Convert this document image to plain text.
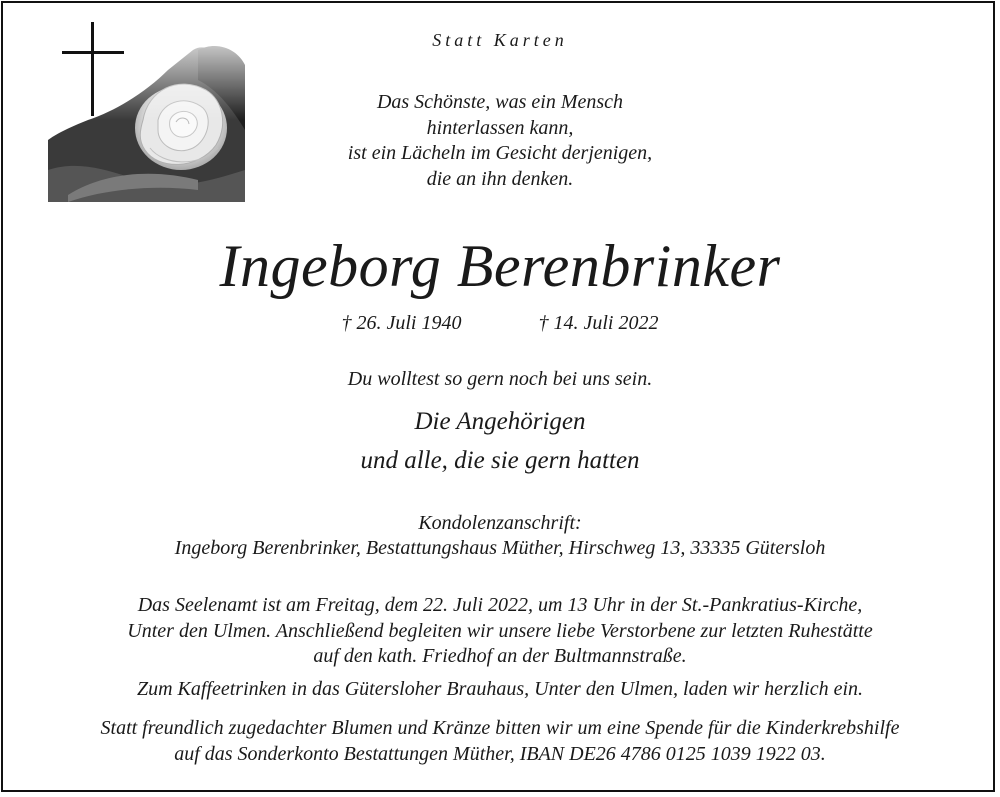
Statt Karten
Das Schönste, was ein Mensch
hinterlassen kann,
ist ein Lächeln im Gesicht derjenigen,
die an ihn denken.
Ingeborg Berenbrinker
† 26. Juli 1940	† 14. Juli 2022
Du wolltest so gern noch bei uns sein.
Die Angehörigen
und alle, die sie gern hatten
Kondolenzanschrift:
Ingeborg Berenbrinker, Bestattungshaus Müther, Hirschweg 13, 33335 Gütersloh
Das Seelenamt ist am Freitag, dem 22. Juli 2022, um 13 Uhr in der St.-Pankratius-Kirche,
Unter den Ulmen. Anschließend begleiten wir unsere liebe Verstorbene zur letzten Ruhestätte
auf den kath. Friedhof an der Bultmannstraße.
Zum Kaffeetrinken in das Gütersloher Brauhaus, Unter den Ulmen, laden wir herzlich ein.
Statt freundlich zugedachter Blumen und Kränze bitten wir um eine Spende für die Kinderkrebshilfe
auf das Sonderkonto Bestattungen Müther, IBAN DE26 4786 0125 1039 1922 03.
